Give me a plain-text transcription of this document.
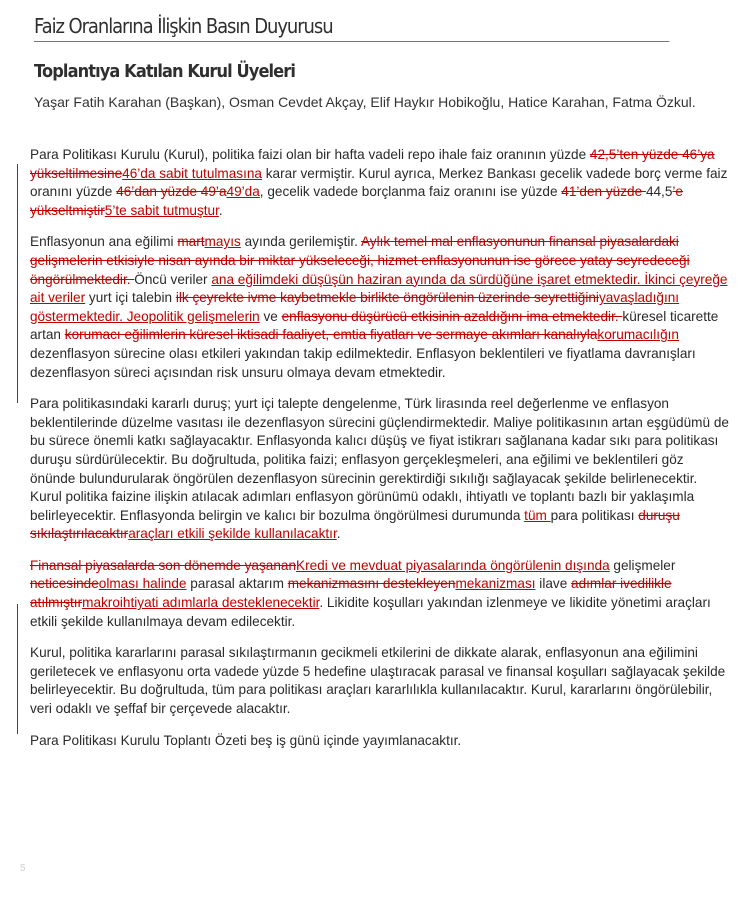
Faiz Oranlarına İlişkin Basın Duyurusu
Toplantıya Katılan Kurul Üyeleri
Yaşar Fatih Karahan (Başkan), Osman Cevdet Akçay, Elif Haykır Hobikoğlu, Hatice Karahan, Fatma Özkul.

Para Politikası Kurulu (Kurul), politika faizi olan bir hafta vadeli repo ihale faiz oranının yüzde 42,5’ten yüzde 46’ya yükseltilmesine46’da sabit tutulmasına karar vermiştir. Kurul ayrıca, Merkez Bankası gecelik vadede borç verme faiz oranını yüzde 46’dan yüzde 49’a49’da, gecelik vadede borçlanma faiz oranını ise yüzde 41’den yüzde 44,5’e yükseltmiştir5’te sabit tutmuştur.

Enflasyonun ana eğilimi martmayıs ayında gerilemiştir. Aylık temel mal enflasyonunun finansal piyasalardaki gelişmelerin etkisiyle nisan ayında bir miktar yükseleceği, hizmet enflasyonunun ise görece yatay seyredeceği öngörülmektedir. Öncü veriler ana eğilimdeki düşüşün haziran ayında da sürdüğüne işaret etmektedir. İkinci çeyreğe ait veriler yurt içi talebin ilk çeyrekte ivme kaybetmekle birlikte öngörülenin üzerinde seyrettiğiniyavaşladığını göstermektedir. Jeopolitik gelişmelerin ve enflasyonu düşürücü etkisinin azaldığını ima etmektedir. küresel ticarette artan korumacı eğilimlerin küresel iktisadi faaliyet, emtia fiyatları ve sermaye akımları kanalıylakorumacılığın dezenflasyon sürecine olası etkileri yakından takip edilmektedir. Enflasyon beklentileri ve fiyatlama davranışları dezenflasyon süreci açısından risk unsuru olmaya devam etmektedir.

Para politikasındaki kararlı duruş; yurt içi talepte dengelenme, Türk lirasında reel değerlenme ve enflasyon beklentilerinde düzelme vasıtası ile dezenflasyon sürecini güçlendirmektedir. Maliye politikasının artan eşgüdümü de bu sürece önemli katkı sağlayacaktır. Enflasyonda kalıcı düşüş ve fiyat istikrarı sağlanana kadar sıkı para politikası duruşu sürdürülecektir. Bu doğrultuda, politika faizi; enflasyon gerçekleşmeleri, ana eğilimi ve beklentileri göz önünde bulundurularak öngörülen dezenflasyon sürecinin gerektirdiği sıkılığı sağlayacak şekilde belirlenecektir. Kurul politika faizine ilişkin atılacak adımları enflasyon görünümü odaklı, ihtiyatlı ve toplantı bazlı bir yaklaşımla belirleyecektir. Enflasyonda belirgin ve kalıcı bir bozulma öngörülmesi durumunda tüm para politikası duruşu sıkılaştırılacaktıraraçları etkili şekilde kullanılacaktır.

Finansal piyasalarda son dönemde yaşananKredi ve mevduat piyasalarında öngörülenin dışında gelişmeler neticesindeolması halinde parasal aktarım mekanizmasını destekleyenmekanizması ilave adımlar ivedilikle atılmıştırmakroihtiyati adımlarla desteklenecektir. Likidite koşulları yakından izlenmeye ve likidite yönetimi araçları etkili şekilde kullanılmaya devam edilecektir.

Kurul, politika kararlarını parasal sıkılaştırmanın gecikmeli etkilerini de dikkate alarak, enflasyonun ana eğilimini geriletecek ve enflasyonu orta vadede yüzde 5 hedefine ulaştıracak parasal ve finansal koşulları sağlayacak şekilde belirleyecektir. Bu doğrultuda, tüm para politikası araçları kararlılıkla kullanılacaktır. Kurul, kararlarını öngörülebilir, veri odaklı ve şeffaf bir çerçevede alacaktır.

Para Politikası Kurulu Toplantı Özeti beş iş günü içinde yayımlanacaktır.

5
